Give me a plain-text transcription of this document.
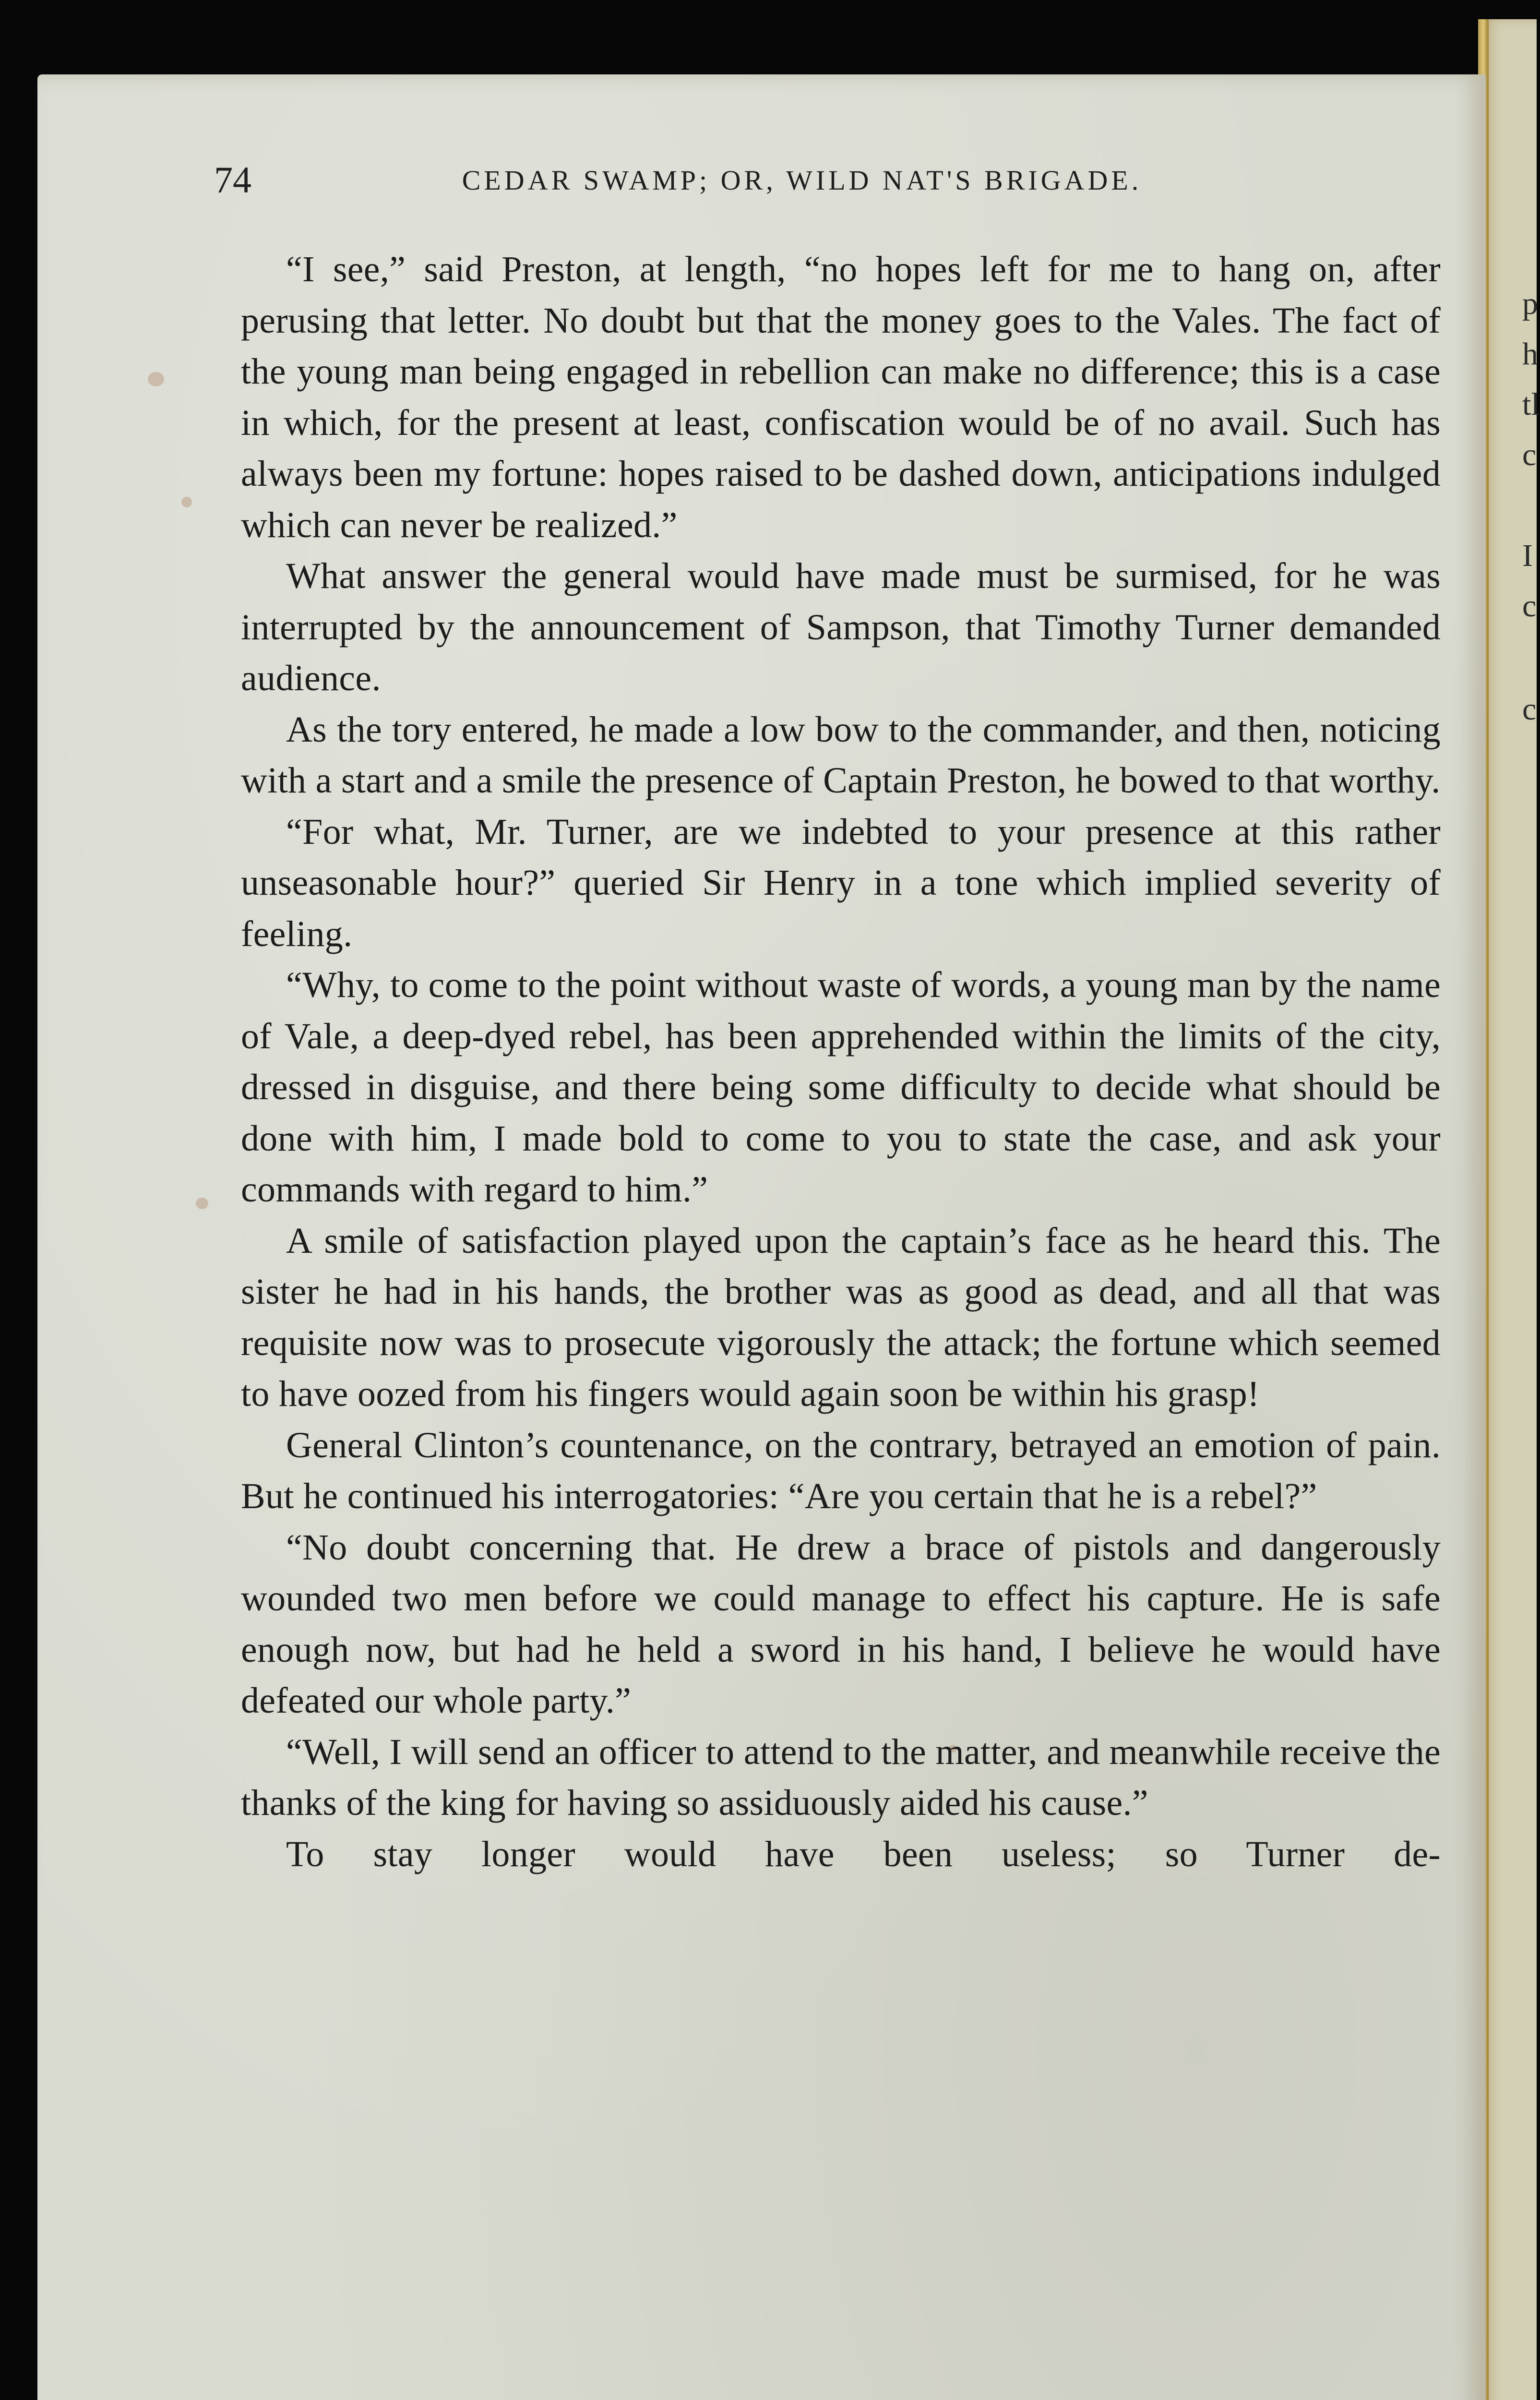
p
h
tl
c
I
c
c
74	CEDAR SWAMP; OR, WILD NAT'S BRIGADE.

“I see,” said Preston, at length, “no hopes left for me to hang on, after perusing that letter. No doubt but that the money goes to the Vales. The fact of the young man being engaged in rebellion can make no difference; this is a case in which, for the present at least, confiscation would be of no avail. Such has always been my fortune: hopes raised to be dashed down, anticipations indulged which can never be realized.”

What answer the general would have made must be surmised, for he was interrupted by the announcement of Sampson, that Timothy Turner demanded audience.

As the tory entered, he made a low bow to the commander, and then, noticing with a start and a smile the presence of Captain Preston, he bowed to that worthy.

“For what, Mr. Turner, are we indebted to your presence at this rather unseasonable hour?” queried Sir Henry in a tone which implied severity of feeling.

“Why, to come to the point without waste of words, a young man by the name of Vale, a deep-dyed rebel, has been apprehended within the limits of the city, dressed in disguise, and there being some difficulty to decide what should be done with him, I made bold to come to you to state the case, and ask your commands with regard to him.”

A smile of satisfaction played upon the captain’s face as he heard this. The sister he had in his hands, the brother was as good as dead, and all that was requisite now was to prosecute vigorously the attack; the fortune which seemed to have oozed from his fingers would again soon be within his grasp!

General Clinton’s countenance, on the contrary, betrayed an emotion of pain. But he continued his interrogatories: “Are you certain that he is a rebel?”

“No doubt concerning that. He drew a brace of pistols and dangerously wounded two men before we could manage to effect his capture. He is safe enough now, but had he held a sword in his hand, I believe he would have defeated our whole party.”

“Well, I will send an officer to attend to the matter, and meanwhile receive the thanks of the king for having so assiduously aided his cause.”

To stay longer would have been useless; so Turner de-
